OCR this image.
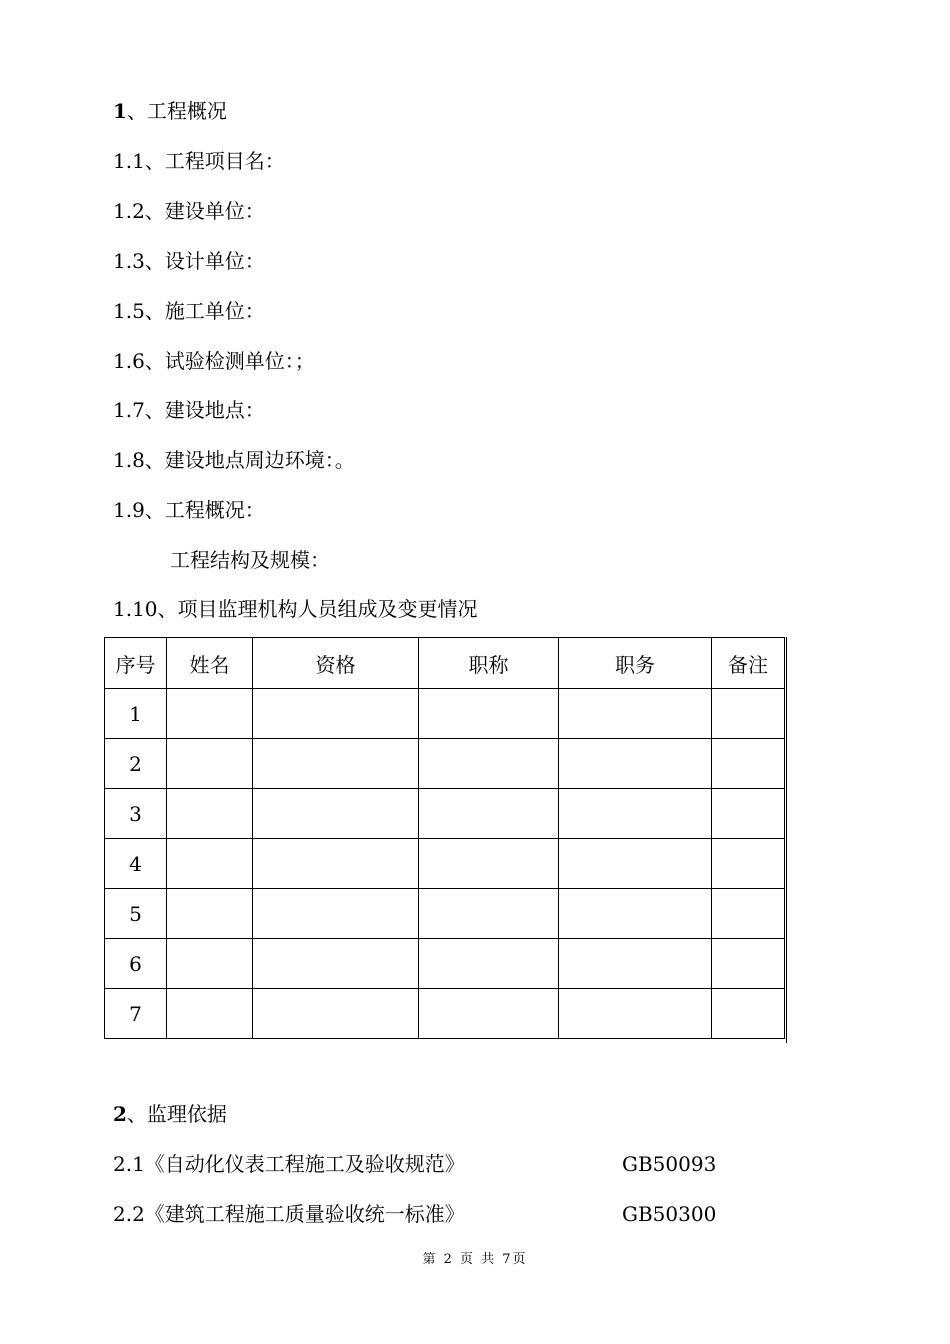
1、工程概况
1.1、工程项目名：
1.2、建设单位：
1.3、设计单位：
1.5、施工单位：
1.6、试验检测单位：；
1.7、建设地点：
1.8、建设地点周边环境：。
1.9、工程概况：
工程结构及规模：
1.10、项目监理机构人员组成及变更情况
序号	姓名	资格	职称	职务	备注
1					
2					
3					
4					
5					
6					
7					
2、监理依据
2.1《自动化仪表工程施工及验收规范》	GB50093
2.2《建筑工程施工质量验收统一标准》	GB50300
第 2 页 共 7页
